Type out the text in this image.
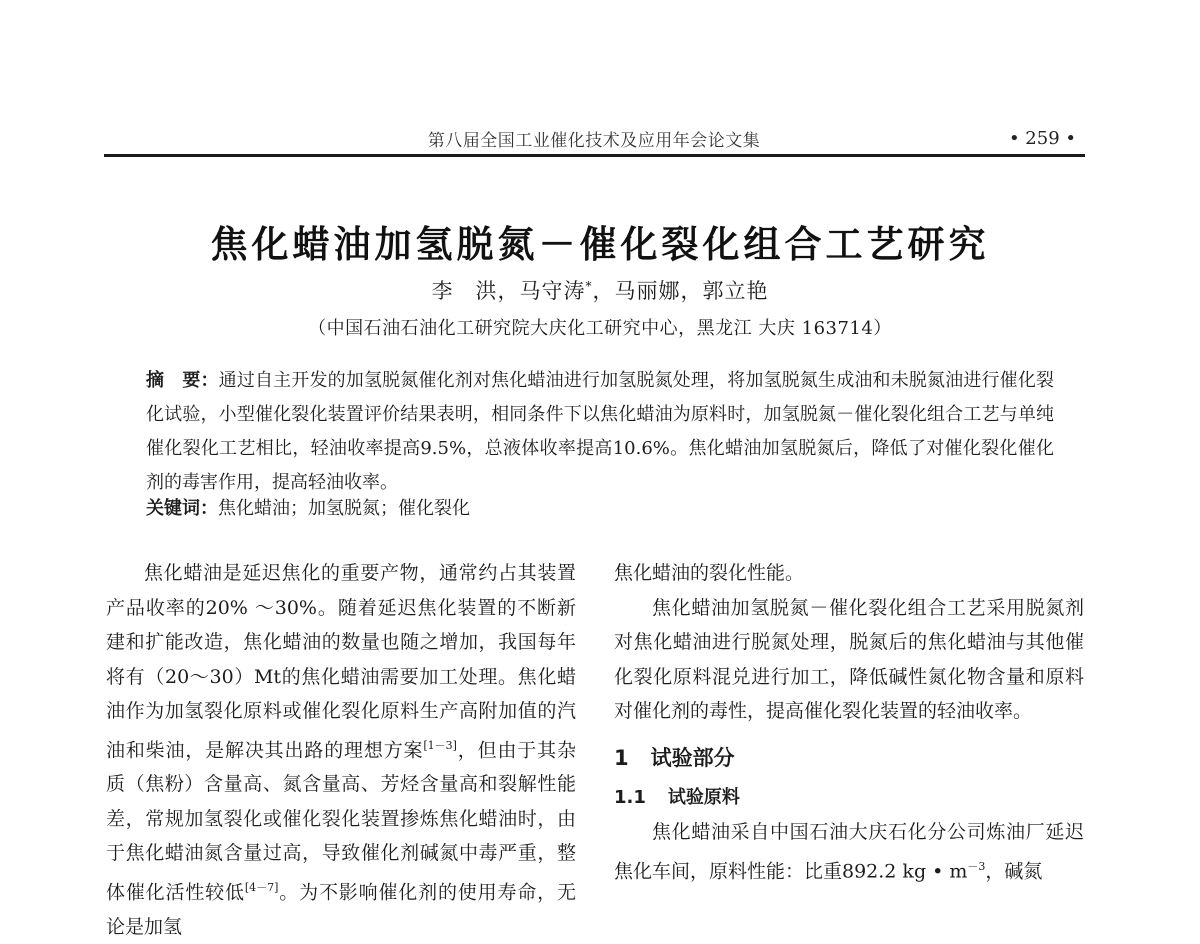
第八届全国工业催化技术及应用年会论文集	• 259 •
焦化蜡油加氢脱氮－催化裂化组合工艺研究
李　洪，马守涛*，马丽娜，郭立艳
（中国石油石油化工研究院大庆化工研究中心，黑龙江 大庆 163714）
摘　要：通过自主开发的加氢脱氮催化剂对焦化蜡油进行加氢脱氮处理，将加氢脱氮生成油和未脱氮油进行催化裂化试验，小型催化裂化装置评价结果表明，相同条件下以焦化蜡油为原料时，加氢脱氮－催化裂化组合工艺与单纯催化裂化工艺相比，轻油收率提高9.5%，总液体收率提高10.6%。焦化蜡油加氢脱氮后，降低了对催化裂化催化剂的毒害作用，提高轻油收率。
关键词：焦化蜡油；加氢脱氮；催化裂化

焦化蜡油是延迟焦化的重要产物，通常约占其装置产品收率的20% ～30%。随着延迟焦化装置的不断新建和扩能改造，焦化蜡油的数量也随之增加，我国每年将有（20～30）Mt的焦化蜡油需要加工处理。焦化蜡油作为加氢裂化原料或催化裂化原料生产高附加值的汽油和柴油，是解决其出路的理想方案[1－3]，但由于其杂质（焦粉）含量高、氮含量高、芳烃含量高和裂解性能差，常规加氢裂化或催化裂化装置掺炼焦化蜡油时，由于焦化蜡油氮含量过高，导致催化剂碱氮中毒严重，整体催化活性较低[4－7]。为不影响催化剂的使用寿命，无论是加氢

焦化蜡油的裂化性能。

焦化蜡油加氢脱氮－催化裂化组合工艺采用脱氮剂对焦化蜡油进行脱氮处理，脱氮后的焦化蜡油与其他催化裂化原料混兑进行加工，降低碱性氮化物含量和原料对催化剂的毒性，提高催化裂化装置的轻油收率。

1 试验部分
1.1 试验原料

焦化蜡油采自中国石油大庆石化分公司炼油厂延迟焦化车间，原料性能：比重892.2 kg • $m^{-3}$，碱氮
